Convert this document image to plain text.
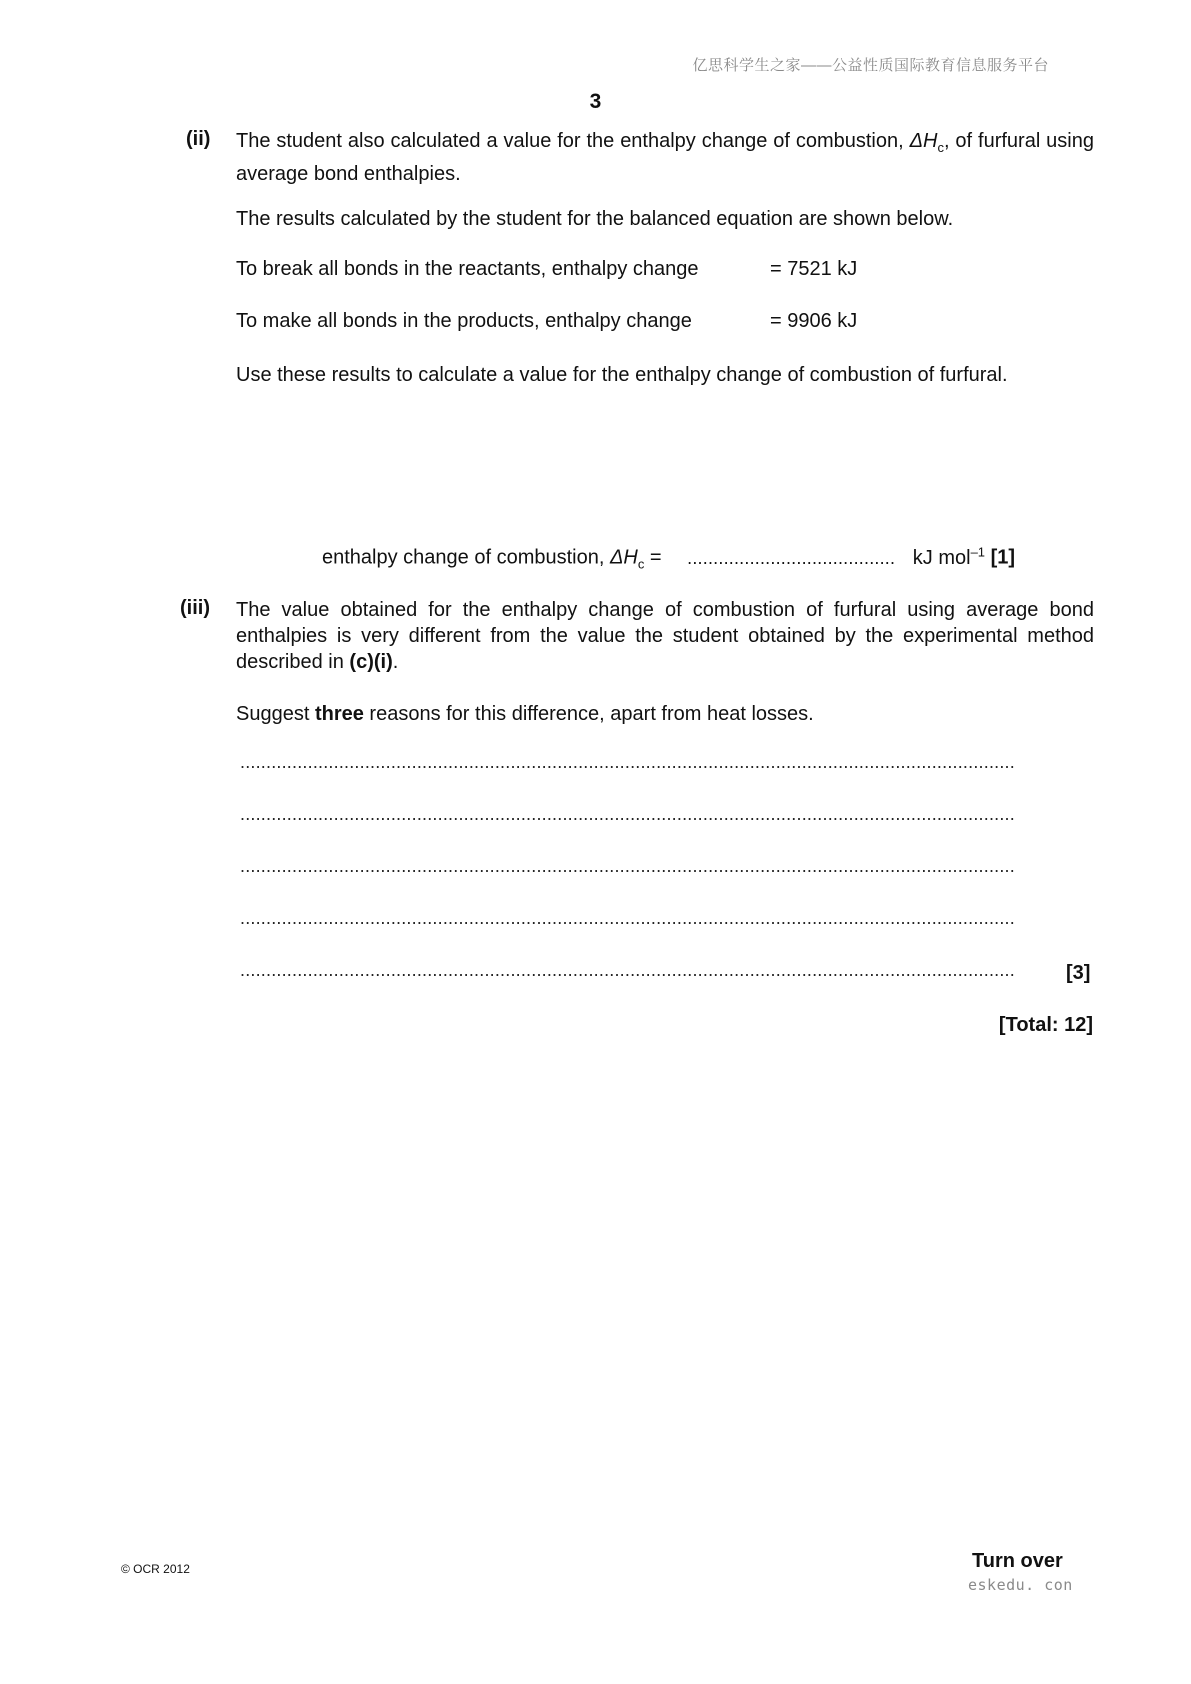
亿思科学生之家——公益性质国际教育信息服务平台
3
(ii) The student also calculated a value for the enthalpy change of combustion, $\Delta H_c$, of furfural using average bond enthalpies.
The results calculated by the student for the balanced equation are shown below.
To break all bonds in the reactants, enthalpy change	= 7521 kJ
To make all bonds in the products, enthalpy change	= 9906 kJ
Use these results to calculate a value for the enthalpy change of combustion of furfural.
enthalpy change of combustion, $\Delta H_c$ = ........................................ kJ mol$^{-1}$ [1]
(iii) The value obtained for the enthalpy change of combustion of furfural using average bond enthalpies is very different from the value the student obtained by the experimental method described in (c)(i).
Suggest three reasons for this difference, apart from heat losses.
.....................................................................................................................................................
.....................................................................................................................................................
.....................................................................................................................................................
.....................................................................................................................................................
.....................................................................................................................................................	[3]
[Total: 12]
© OCR 2012	Turn over
eskedu. con
